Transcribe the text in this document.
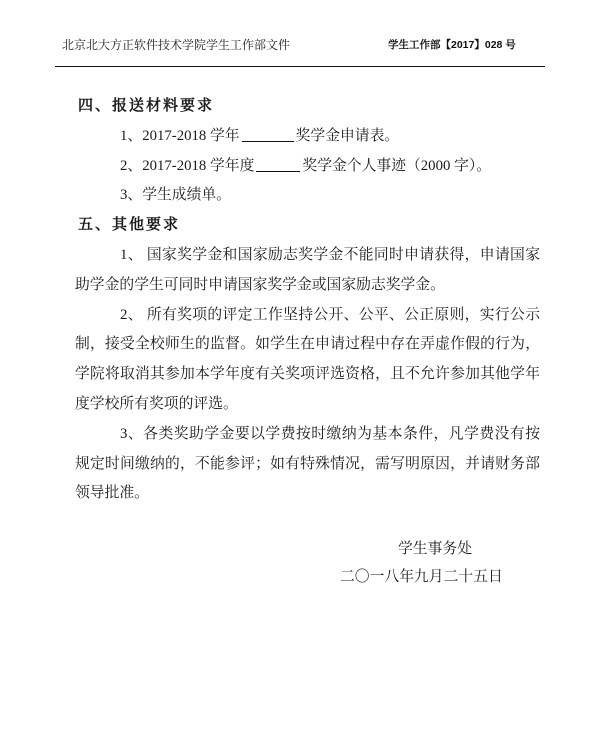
北京北大方正软件技术学院学生工作部文件	学生工作部【2017】028 号
四、报送材料要求
1、2017-2018 学年	奖学金申请表。
2、2017-2018 学年度	奖学金个人事迹（2000 字）。
3、学生成绩单。
五、其他要求
1、 国家奖学金和国家励志奖学金不能同时申请获得，申请国家
助学金的学生可同时申请国家奖学金或国家励志奖学金。
2、 所有奖项的评定工作坚持公开、公平、公正原则，实行公示
制，接受全校师生的监督。如学生在申请过程中存在弄虚作假的行为，
学院将取消其参加本学年度有关奖项评选资格，且不允许参加其他学年
度学校所有奖项的评选。
3、各类奖助学金要以学费按时缴纳为基本条件，凡学费没有按
规定时间缴纳的，不能参评；如有特殊情况，需写明原因，并请财务部
领导批准。
学生事务处
二〇一八年九月二十五日
